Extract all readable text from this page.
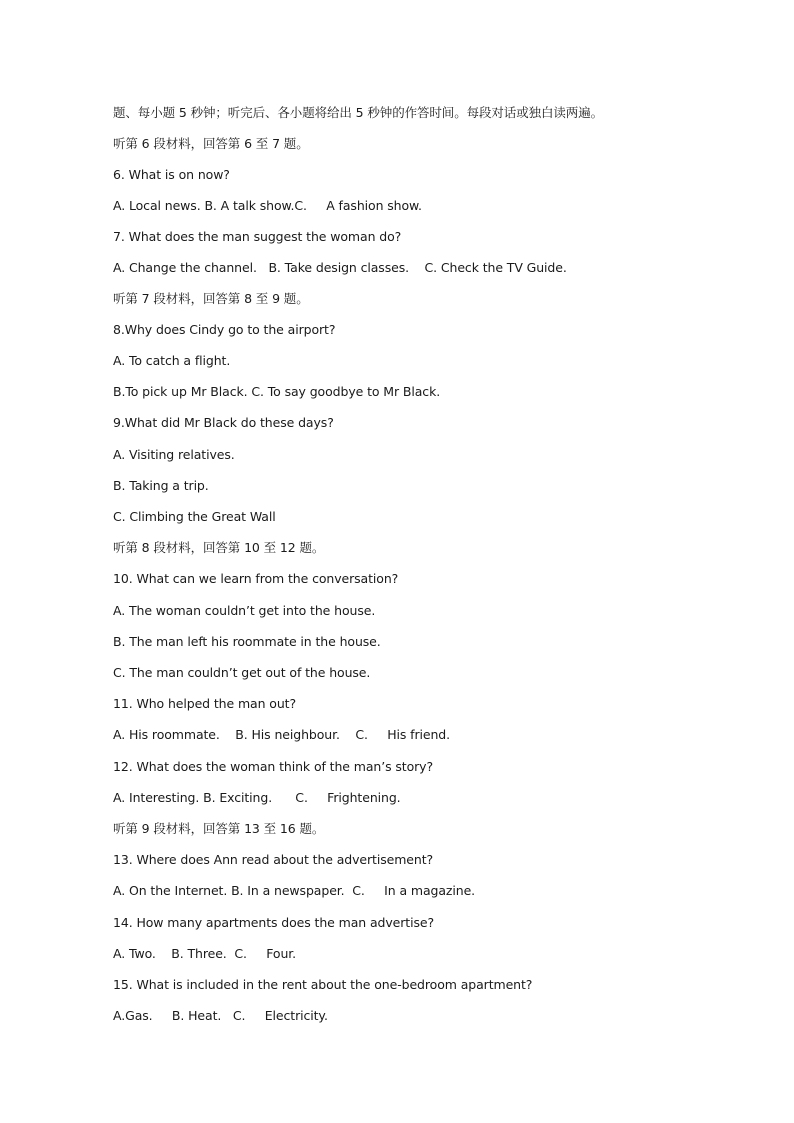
题、每小题 5 秒钟；听完后、各小题将给出 5 秒钟的作答时间。每段对话或独白读两遍。
听第 6 段材料，回答第 6 至 7 题。
6. What is on now?
A. Local news. B. A talk show.C.     A fashion show.
7. What does the man suggest the woman do?
A. Change the channel.   B. Take design classes.    C. Check the TV Guide.
听第 7 段材料，回答第 8 至 9 题。
8.Why does Cindy go to the airport?
A. To catch a flight.
B.To pick up Mr Black. C. To say goodbye to Mr Black.
9.What did Mr Black do these days?
A. Visiting relatives.
B. Taking a trip.
C. Climbing the Great Wall
听第 8 段材料，回答第 10 至 12 题。
10. What can we learn from the conversation?
A. The woman couldn’t get into the house.
B. The man left his roommate in the house.
C. The man couldn’t get out of the house.
11. Who helped the man out?
A. His roommate.    B. His neighbour.    C.     His friend.
12. What does the woman think of the man’s story?
A. Interesting. B. Exciting.      C.     Frightening.
听第 9 段材料，回答第 13 至 16 题。
13. Where does Ann read about the advertisement?
A. On the Internet. B. In a newspaper.  C.     In a magazine.
14. How many apartments does the man advertise?
A. Two.    B. Three.  C.     Four.
15. What is included in the rent about the one-bedroom apartment?
A.Gas.     B. Heat.   C.     Electricity.
